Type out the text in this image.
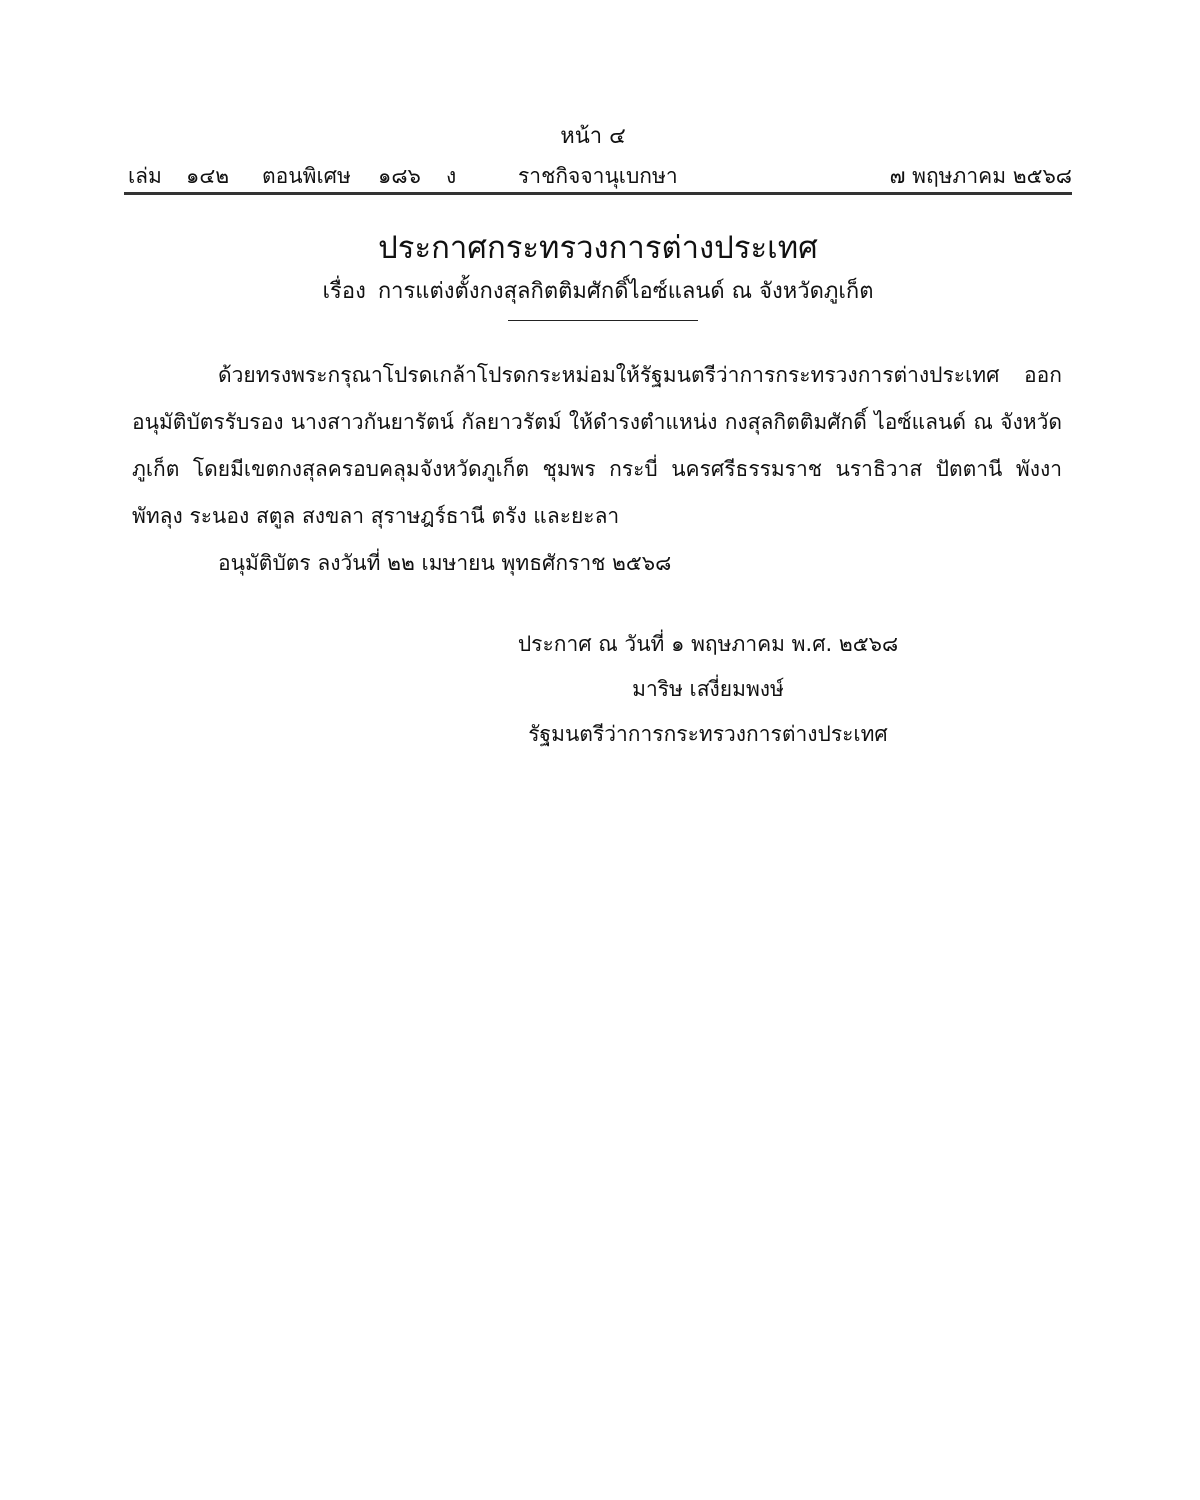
หน้า ๔
เล่ม ๑๔๒ ตอนพิเศษ ๑๘๖ ง	ราชกิจจานุเบกษา	๗ พฤษภาคม ๒๕๖๘
ประกาศกระทรวงการต่างประเทศ
เรื่อง การแต่งตั้งกงสุลกิตติมศักดิ์ไอซ์แลนด์ ณ จังหวัดภูเก็ต

ด้วยทรงพระกรุณาโปรดเกล้าโปรดกระหม่อมให้รัฐมนตรีว่าการกระทรวงการต่างประเทศ ออกอนุมัติบัตรรับรอง นางสาวกันยารัตน์ กัลยาวรัตม์ ให้ดำรงตำแหน่ง กงสุลกิตติมศักดิ์ ไอซ์แลนด์ ณ จังหวัดภูเก็ต โดยมีเขตกงสุลครอบคลุมจังหวัดภูเก็ต ชุมพร กระบี่ นครศรีธรรมราช นราธิวาส ปัตตานี พังงา พัทลุง ระนอง สตูล สงขลา สุราษฎร์ธานี ตรัง และยะลา

อนุมัติบัตร ลงวันที่ ๒๒ เมษายน พุทธศักราช ๒๕๖๘

ประกาศ ณ วันที่ ๑ พฤษภาคม พ.ศ. ๒๕๖๘
มาริษ เสงี่ยมพงษ์
รัฐมนตรีว่าการกระทรวงการต่างประเทศ
